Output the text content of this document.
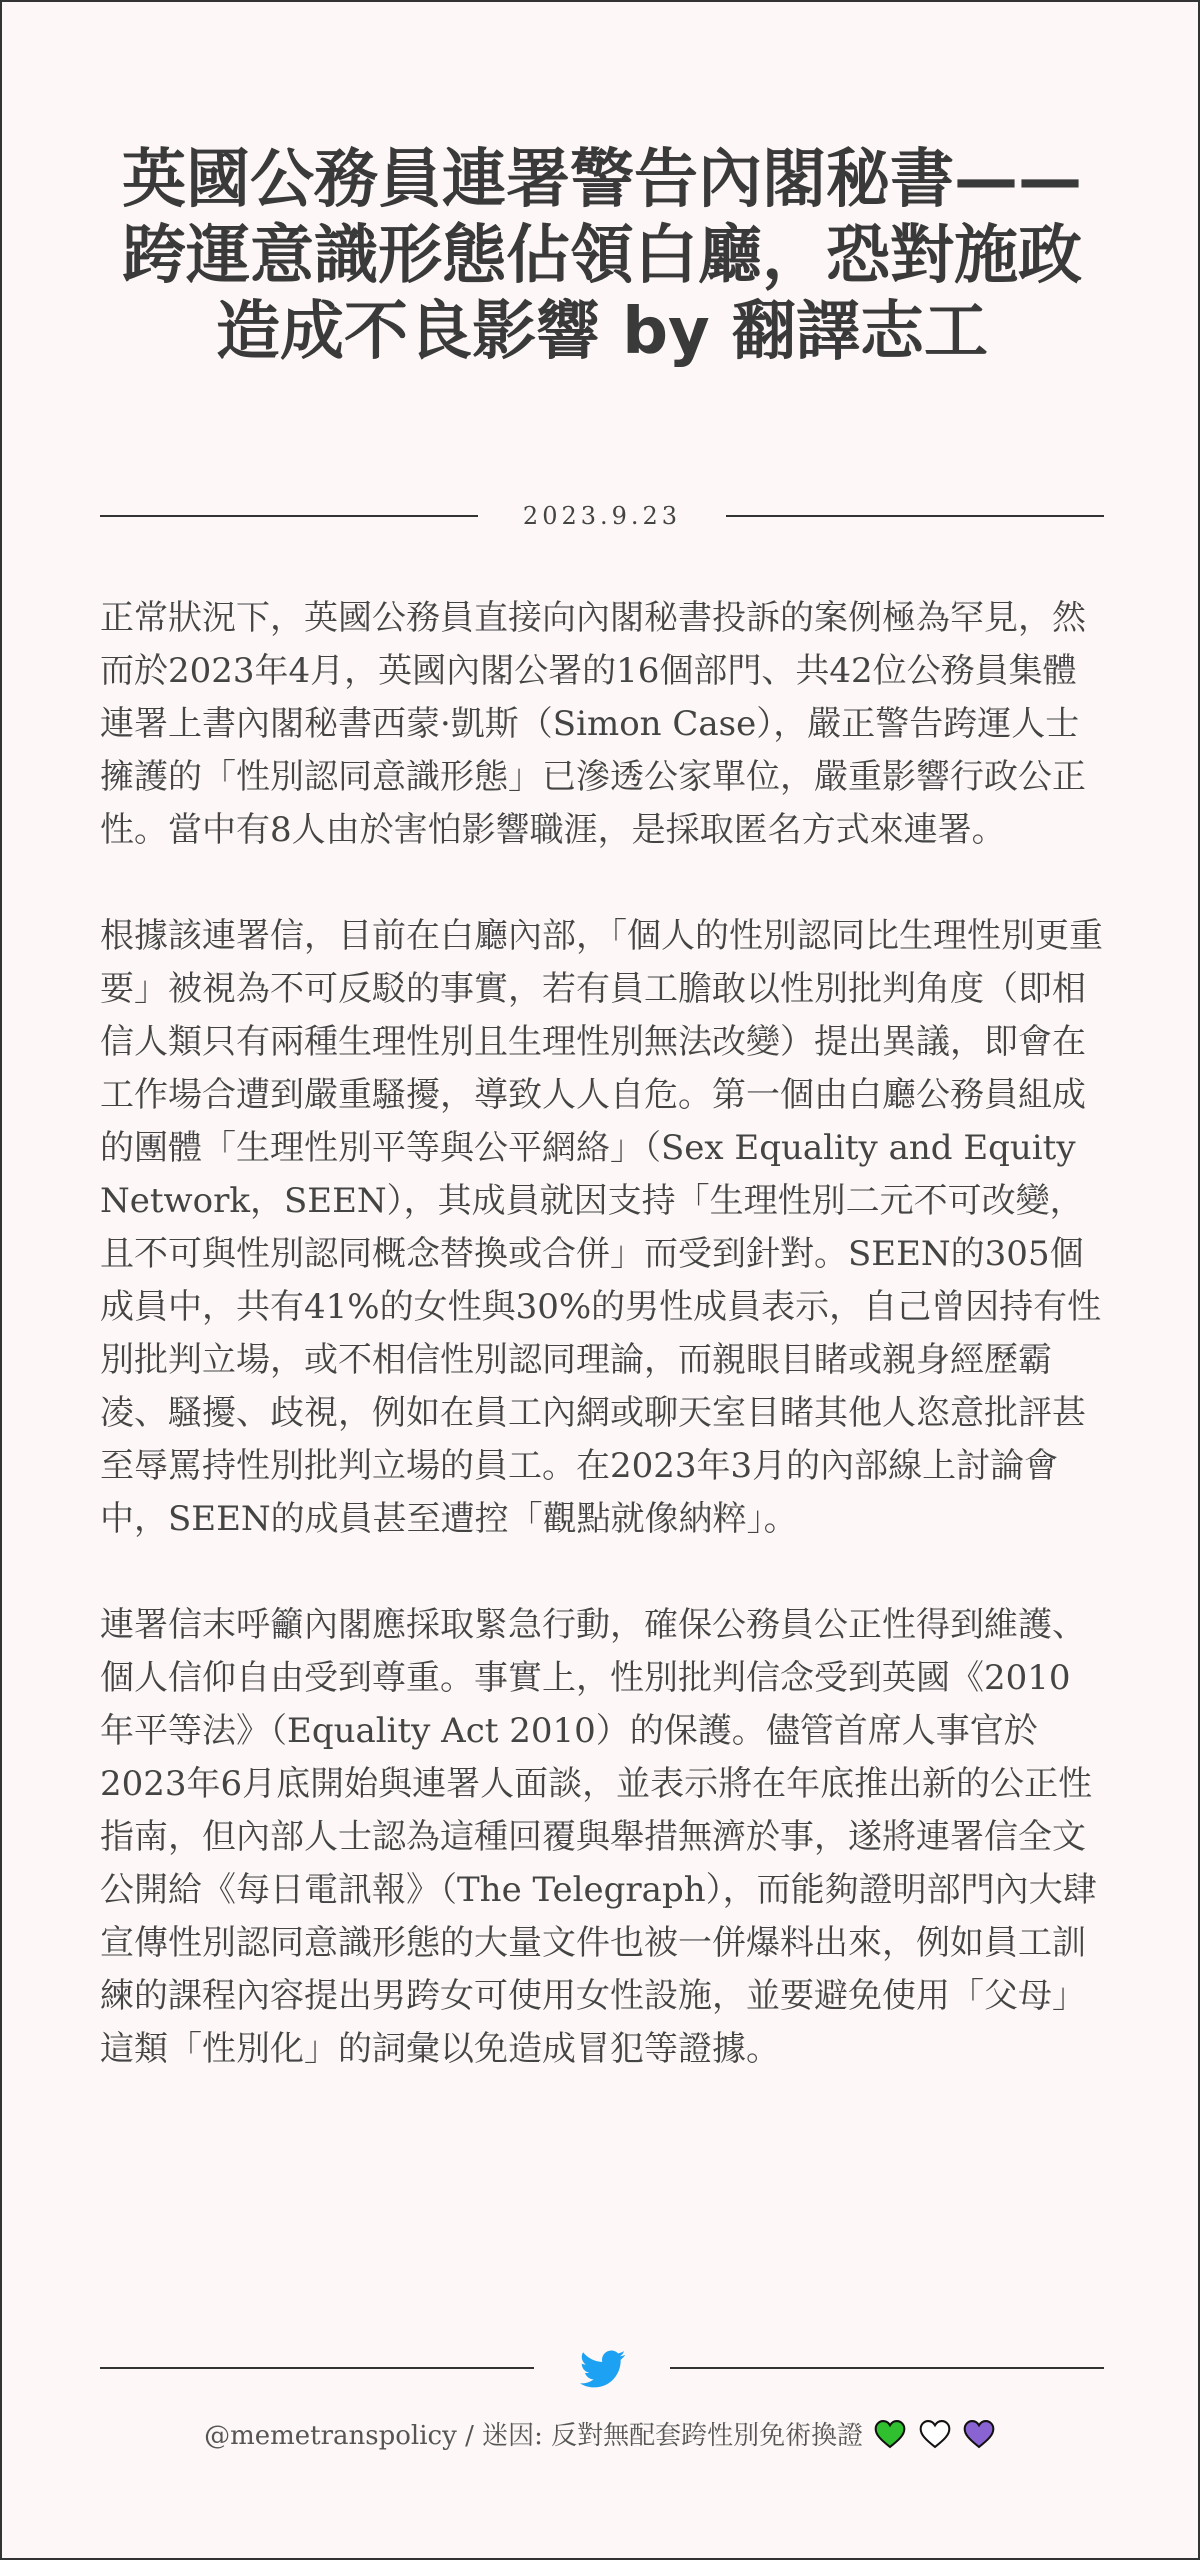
英國公務員連署警告內閣秘書——跨運意識形態佔領白廳，恐對施政造成不良影響 by 翻譯志工
2023.9.23

正常狀況下，英國公務員直接向內閣秘書投訴的案例極為罕見，然而於2023年4月，英國內閣公署的16個部門、共42位公務員集體連署上書內閣秘書西蒙·凱斯（Simon Case），嚴正警告跨運人士擁護的「性別認同意識形態」已滲透公家單位，嚴重影響行政公正性。當中有8人由於害怕影響職涯，是採取匿名方式來連署。

根據該連署信，目前在白廳內部，「個人的性別認同比生理性別更重要」被視為不可反駁的事實，若有員工膽敢以性別批判角度（即相信人類只有兩種生理性別且生理性別無法改變）提出異議，即會在工作場合遭到嚴重騷擾，導致人人自危。第一個由白廳公務員組成的團體「生理性別平等與公平網絡」（Sex Equality and Equity Network，SEEN），其成員就因支持「生理性別二元不可改變，且不可與性別認同概念替換或合併」而受到針對。SEEN的305個成員中，共有41%的女性與30%的男性成員表示，自己曾因持有性別批判立場，或不相信性別認同理論，而親眼目睹或親身經歷霸凌、騷擾、歧視，例如在員工內網或聊天室目睹其他人恣意批評甚至辱罵持性別批判立場的員工。在2023年3月的內部線上討論會中，SEEN的成員甚至遭控「觀點就像納粹」。

連署信末呼籲內閣應採取緊急行動，確保公務員公正性得到維護、個人信仰自由受到尊重。事實上，性別批判信念受到英國《2010 年平等法》（Equality Act 2010）的保護。儘管首席人事官於2023年6月底開始與連署人面談，並表示將在年底推出新的公正性指南，但內部人士認為這種回覆與舉措無濟於事，遂將連署信全文公開給《每日電訊報》（The Telegraph），而能夠證明部門內大肆宣傳性別認同意識形態的大量文件也被一併爆料出來，例如員工訓練的課程內容提出男跨女可使用女性設施，並要避免使用「父母」這類「性別化」的詞彙以免造成冒犯等證據。

@memetranspolicy / 迷因: 反對無配套跨性別免術換證
